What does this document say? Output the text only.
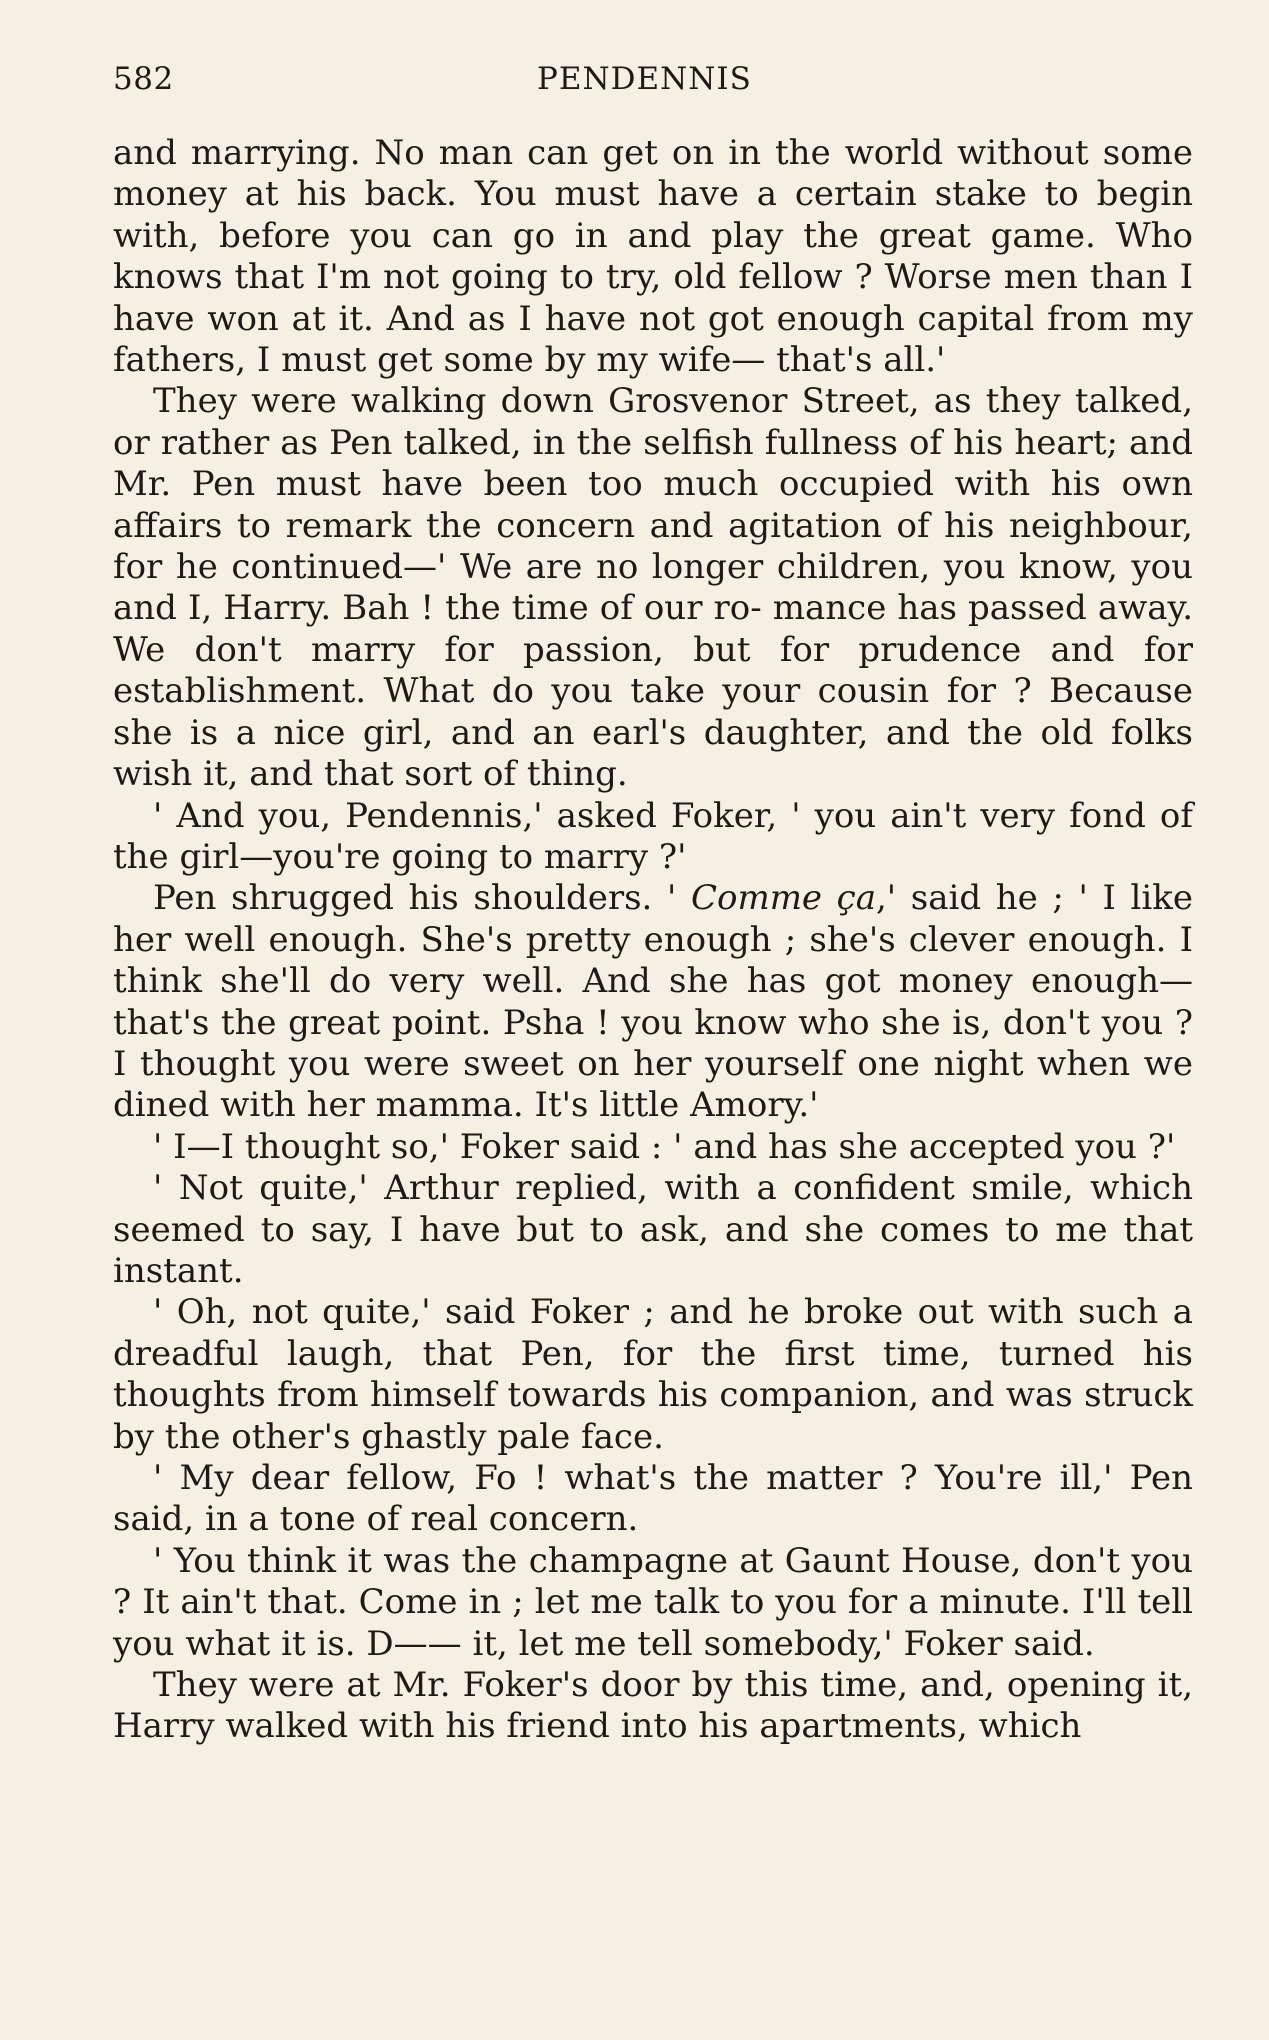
582	PENDENNIS

and marrying. No man can get on in the world without some money at his back. You must have a certain stake to begin with, before you can go in and play the great game. Who knows that I'm not going to try, old fellow ? Worse men than I have won at it. And as I have not got enough capital from my fathers, I must get some by my wife— that's all.'

They were walking down Grosvenor Street, as they talked, or rather as Pen talked, in the selfish fullness of his heart; and Mr. Pen must have been too much occupied with his own affairs to remark the concern and agitation of his neighbour, for he continued—' We are no longer children, you know, you and I, Harry. Bah ! the time of our ro- mance has passed away. We don't marry for passion, but for prudence and for establishment. What do you take your cousin for ? Because she is a nice girl, and an earl's daughter, and the old folks wish it, and that sort of thing.

' And you, Pendennis,' asked Foker, ' you ain't very fond of the girl—you're going to marry ?'

Pen shrugged his shoulders. ' Comme ça,' said he ; ' I like her well enough. She's pretty enough ; she's clever enough. I think she'll do very well. And she has got money enough—that's the great point. Psha ! you know who she is, don't you ? I thought you were sweet on her yourself one night when we dined with her mamma. It's little Amory.'

' I—I thought so,' Foker said : ' and has she accepted you ?'

' Not quite,' Arthur replied, with a confident smile, which seemed to say, I have but to ask, and she comes to me that instant.

' Oh, not quite,' said Foker ; and he broke out with such a dreadful laugh, that Pen, for the first time, turned his thoughts from himself towards his companion, and was struck by the other's ghastly pale face.

' My dear fellow, Fo ! what's the matter ? You're ill,' Pen said, in a tone of real concern.

' You think it was the champagne at Gaunt House, don't you ? It ain't that. Come in ; let me talk to you for a minute. I'll tell you what it is. D—— it, let me tell somebody,' Foker said.

They were at Mr. Foker's door by this time, and, opening it, Harry walked with his friend into his apartments, which
